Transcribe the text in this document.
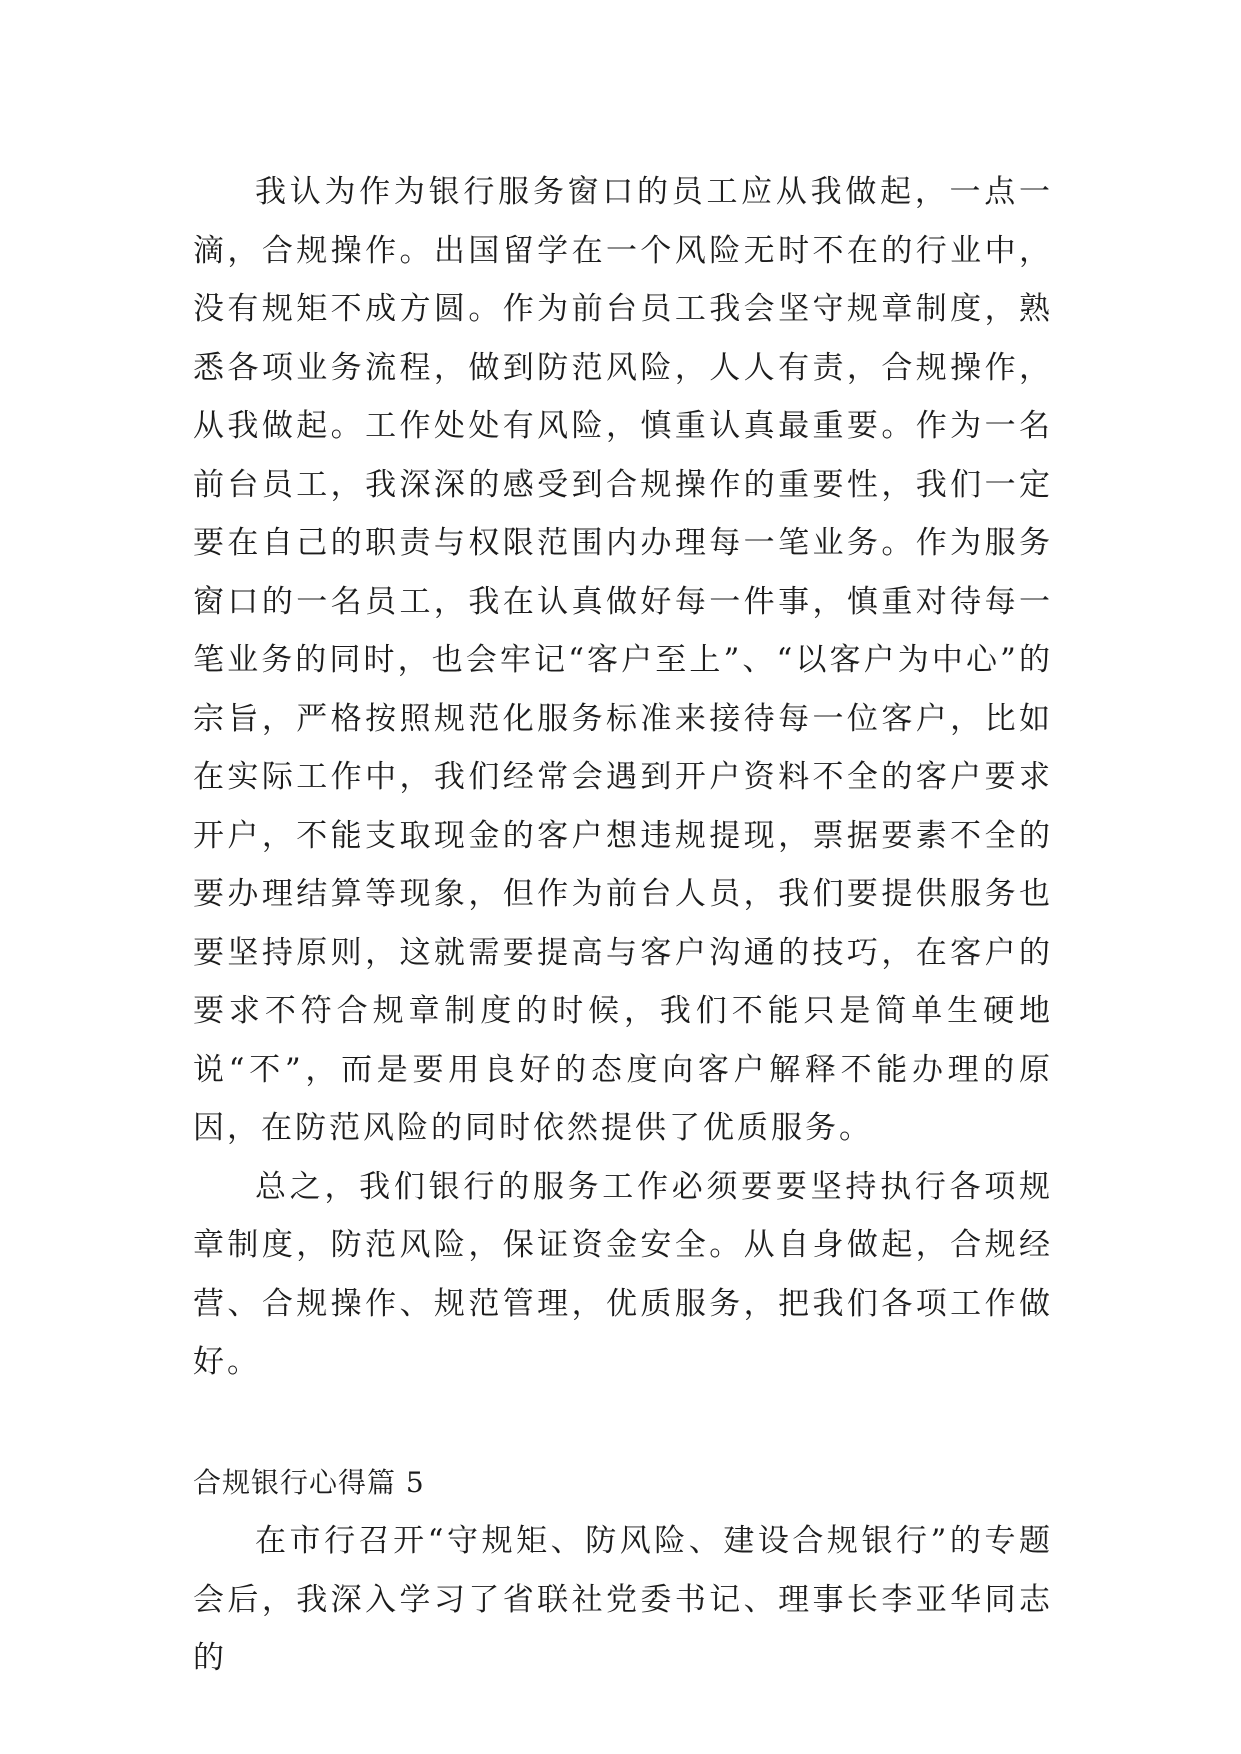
我认为作为银行服务窗口的员工应从我做起，一点一滴，合规操作。出国留学在一个风险无时不在的行业中，没有规矩不成方圆。作为前台员工我会坚守规章制度，熟悉各项业务流程，做到防范风险，人人有责，合规操作，从我做起。工作处处有风险，慎重认真最重要。作为一名前台员工，我深深的感受到合规操作的重要性，我们一定要在自己的职责与权限范围内办理每一笔业务。作为服务窗口的一名员工，我在认真做好每一件事，慎重对待每一笔业务的同时，也会牢记“客户至上”、“以客户为中心”的宗旨，严格按照规范化服务标准来接待每一位客户，比如在实际工作中，我们经常会遇到开户资料不全的客户要求开户，不能支取现金的客户想违规提现，票据要素不全的要办理结算等现象，但作为前台人员，我们要提供服务也要坚持原则，这就需要提高与客户沟通的技巧，在客户的要求不符合规章制度的时候，我们不能只是简单生硬地说“不”，而是要用良好的态度向客户解释不能办理的原因，在防范风险的同时依然提供了优质服务。

总之，我们银行的服务工作必须要要坚持执行各项规章制度，防范风险，保证资金安全。从自身做起，合规经营、合规操作、规范管理，优质服务，把我们各项工作做好。

合规银行心得篇 5

在市行召开“守规矩、防风险、建设合规银行”的专题会后，我深入学习了省联社党委书记、理事长李亚华同志的
